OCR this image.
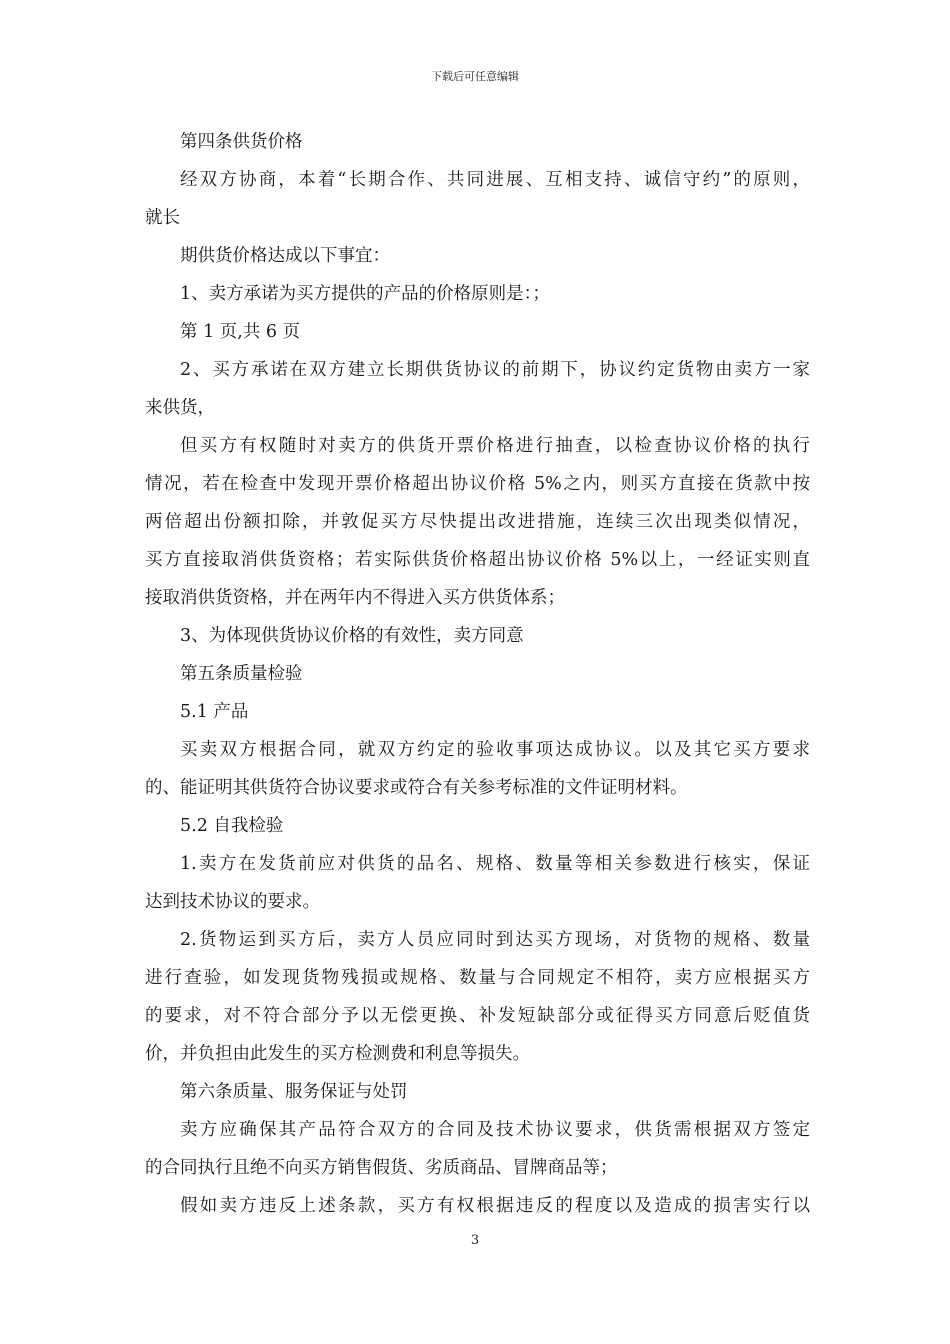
下载后可任意编辑

第四条供货价格

经双方协商，本着“长期合作、共同进展、互相支持、诚信守约”的原则，

就长

期供货价格达成以下事宜：

1、卖方承诺为买方提供的产品的价格原则是：；

第 1 页,共 6 页

2、买方承诺在双方建立长期供货协议的前期下，协议约定货物由卖方一家

来供货，

但买方有权随时对卖方的供货开票价格进行抽查，以检查协议价格的执行

情况，若在检查中发现开票价格超出协议价格 5%之内，则买方直接在货款中按

两倍超出份额扣除，并敦促买方尽快提出改进措施，连续三次出现类似情况，

买方直接取消供货资格；若实际供货价格超出协议价格 5%以上，一经证实则直

接取消供货资格，并在两年内不得进入买方供货体系；

3、为体现供货协议价格的有效性，卖方同意

第五条质量检验

5.1 产品

买卖双方根据合同，就双方约定的验收事项达成协议。以及其它买方要求

的、能证明其供货符合协议要求或符合有关参考标准的文件证明材料。

5.2 自我检验

1.卖方在发货前应对供货的品名、规格、数量等相关参数进行核实，保证

达到技术协议的要求。

2.货物运到买方后，卖方人员应同时到达买方现场，对货物的规格、数量

进行查验，如发现货物残损或规格、数量与合同规定不相符，卖方应根据买方

的要求，对不符合部分予以无偿更换、补发短缺部分或征得买方同意后贬值货

价，并负担由此发生的买方检测费和利息等损失。

第六条质量、服务保证与处罚

卖方应确保其产品符合双方的合同及技术协议要求，供货需根据双方签定

的合同执行且绝不向买方销售假货、劣质商品、冒牌商品等；

假如卖方违反上述条款，买方有权根据违反的程度以及造成的损害实行以

3
